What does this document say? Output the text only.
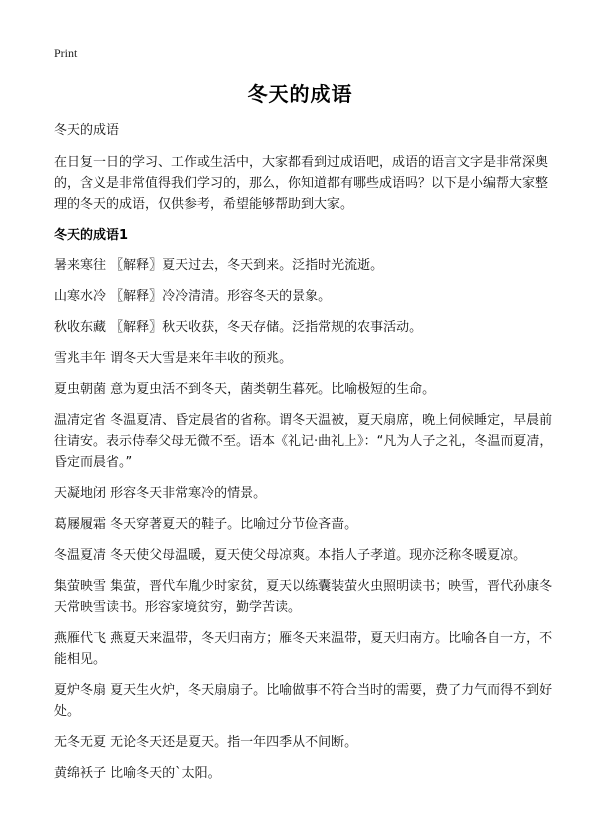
Print
冬天的成语

冬天的成语

在日复一日的学习、工作或生活中，大家都看到过成语吧，成语的语言文字是非常深奥的，含义是非常值得我们学习的，那么，你知道都有哪些成语吗？以下是小编帮大家整理的冬天的成语，仅供参考，希望能够帮助到大家。

冬天的成语1

暑来寒往 〖解释〗夏天过去，冬天到来。泛指时光流逝。

山寒水冷 〖解释〗冷冷清清。形容冬天的景象。

秋收东藏 〖解释〗秋天收获，冬天存储。泛指常规的农事活动。

雪兆丰年 谓冬天大雪是来年丰收的预兆。

夏虫朝菌 意为夏虫活不到冬天，菌类朝生暮死。比喻极短的生命。

温凊定省 冬温夏凊、昏定晨省的省称。谓冬天温被，夏天扇席，晚上伺候睡定，早晨前往请安。表示侍奉父母无微不至。语本《礼记·曲礼上》：“凡为人子之礼，冬温而夏凊，昏定而晨省。”

天凝地闭 形容冬天非常寒冷的情景。

葛屦履霜 冬天穿著夏天的鞋子。比喻过分节俭吝啬。

冬温夏凊 冬天使父母温暖，夏天使父母凉爽。本指人子孝道。现亦泛称冬暖夏凉。

集萤映雪 集萤，晋代车胤少时家贫，夏天以练囊装萤火虫照明读书；映雪，晋代孙康冬天常映雪读书。形容家境贫穷，勤学苦读。

燕雁代飞 燕夏天来温带，冬天归南方；雁冬天来温带，夏天归南方。比喻各自一方，不能相见。

夏炉冬扇 夏天生火炉，冬天扇扇子。比喻做事不符合当时的需要，费了力气而得不到好处。

无冬无夏 无论冬天还是夏天。指一年四季从不间断。

黄绵袄子 比喻冬天的`太阳。
